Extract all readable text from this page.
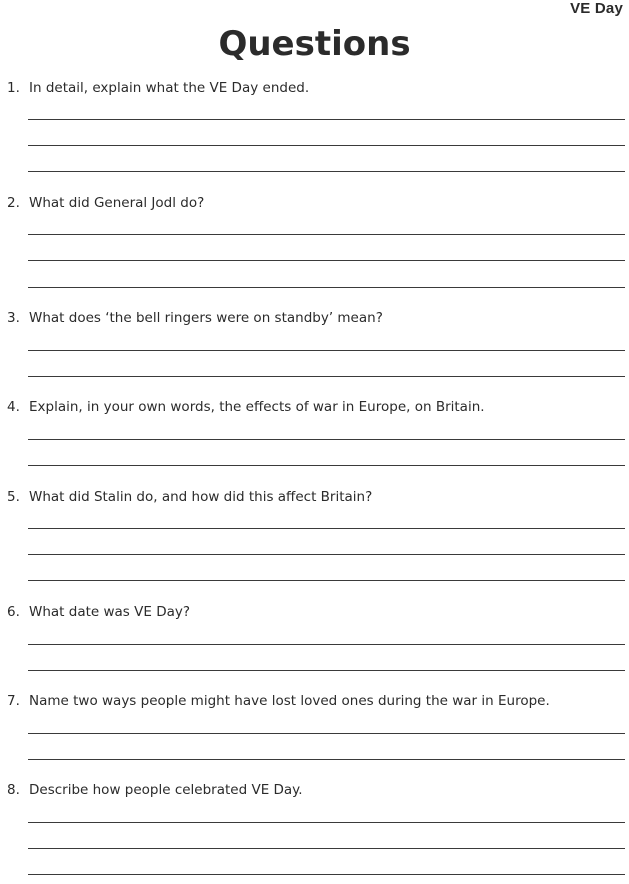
VE Day
Questions
1. In detail, explain what the VE Day ended.
2. What did General Jodl do?
3. What does ‘the bell ringers were on standby’ mean?
4. Explain, in your own words, the effects of war in Europe, on Britain.
5. What did Stalin do, and how did this affect Britain?
6. What date was VE Day?
7. Name two ways people might have lost loved ones during the war in Europe.
8. Describe how people celebrated VE Day.
